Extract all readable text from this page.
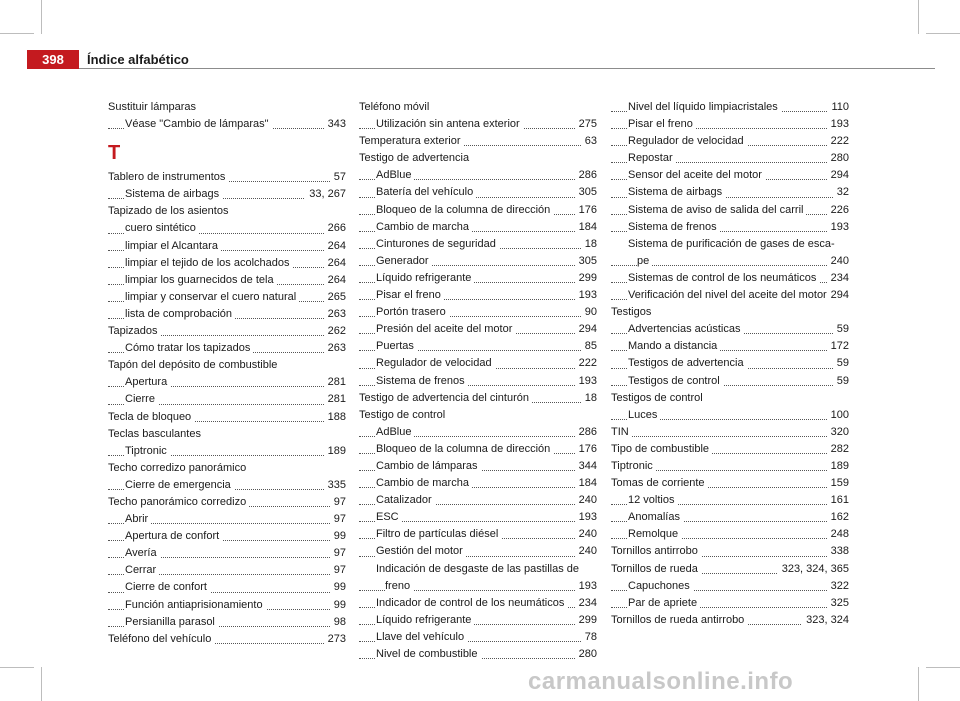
398	Índice alfabético
Sustituir lámparas
Véase "Cambio de lámparas"	343
T
Tablero de instrumentos	57
Sistema de airbags	33, 267
Tapizado de los asientos
cuero sintético	266
limpiar el Alcantara	264
limpiar el tejido de los acolchados	264
limpiar los guarnecidos de tela	264
limpiar y conservar el cuero natural	265
lista de comprobación	263
Tapizados	262
Cómo tratar los tapizados	263
Tapón del depósito de combustible
Apertura	281
Cierre	281
Tecla de bloqueo	188
Teclas basculantes
Tiptronic	189
Techo corredizo panorámico
Cierre de emergencia	335
Techo panorámico corredizo	97
Abrir	97
Apertura de confort	99
Avería	97
Cerrar	97
Cierre de confort	99
Función antiaprisionamiento	99
Persianilla parasol	98
Teléfono del vehículo	273
Teléfono móvil
Utilización sin antena exterior	275
Temperatura exterior	63
Testigo de advertencia
AdBlue	286
Batería del vehículo	305
Bloqueo de la columna de dirección	176
Cambio de marcha	184
Cinturones de seguridad	18
Generador	305
Líquido refrigerante	299
Pisar el freno	193
Portón trasero	90
Presión del aceite del motor	294
Puertas	85
Regulador de velocidad	222
Sistema de frenos	193
Testigo de advertencia del cinturón	18
Testigo de control
AdBlue	286
Bloqueo de la columna de dirección	176
Cambio de lámparas	344
Cambio de marcha	184
Catalizador	240
ESC	193
Filtro de partículas diésel	240
Gestión del motor	240
Indicación de desgaste de las pastillas de
freno	193
Indicador de control de los neumáticos	234
Líquido refrigerante	299
Llave del vehículo	78
Nivel de combustible	280
Nivel del líquido limpiacristales	110
Pisar el freno	193
Regulador de velocidad	222
Repostar	280
Sensor del aceite del motor	294
Sistema de airbags	32
Sistema de aviso de salida del carril	226
Sistema de frenos	193
Sistema de purificación de gases de esca-
pe	240
Sistemas de control de los neumáticos	234
Verificación del nivel del aceite del motor 294
Testigos
Advertencias acústicas	59
Mando a distancia	172
Testigos de advertencia	59
Testigos de control	59
Testigos de control
Luces	100
TIN	320
Tipo de combustible	282
Tiptronic	189
Tomas de corriente	159
12 voltios	161
Anomalías	162
Remolque	248
Tornillos antirrobo	338
Tornillos de rueda	323, 324, 365
Capuchones	322
Par de apriete	325
Tornillos de rueda antirrobo	323, 324
carmanualsonline.info
